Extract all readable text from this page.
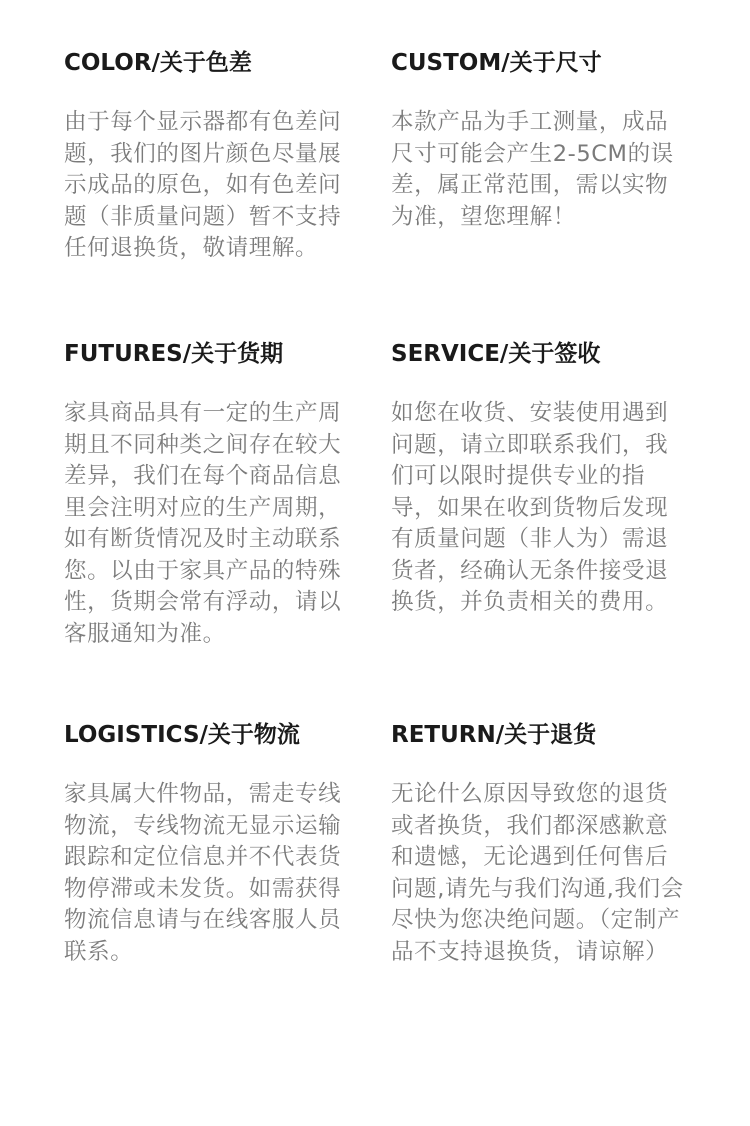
COLOR/关于色差

由于每个显示器都有色差问题，我们的图片颜色尽量展示成品的原色，如有色差问题（非质量问题）暂不支持任何退换货，敬请理解。

CUSTOM/关于尺寸

本款产品为手工测量，成品尺寸可能会产生2-5CM的误差，属正常范围，需以实物为准，望您理解！

FUTURES/关于货期

家具商品具有一定的生产周期且不同种类之间存在较大差异，我们在每个商品信息里会注明对应的生产周期，如有断货情况及时主动联系您。以由于家具产品的特殊性，货期会常有浮动，请以客服通知为准。

SERVICE/关于签收

如您在收货、安装使用遇到问题，请立即联系我们，我们可以限时提供专业的指导，如果在收到货物后发现有质量问题（非人为）需退货者，经确认无条件接受退换货，并负责相关的费用。

LOGISTICS/关于物流

家具属大件物品，需走专线物流，专线物流无显示运输跟踪和定位信息并不代表货物停滞或未发货。如需获得物流信息请与在线客服人员联系。

RETURN/关于退货

无论什么原因导致您的退货或者换货，我们都深感歉意和遗憾，无论遇到任何售后问题,请先与我们沟通,我们会尽快为您决绝问题。（定制产品不支持退换货，请谅解）
